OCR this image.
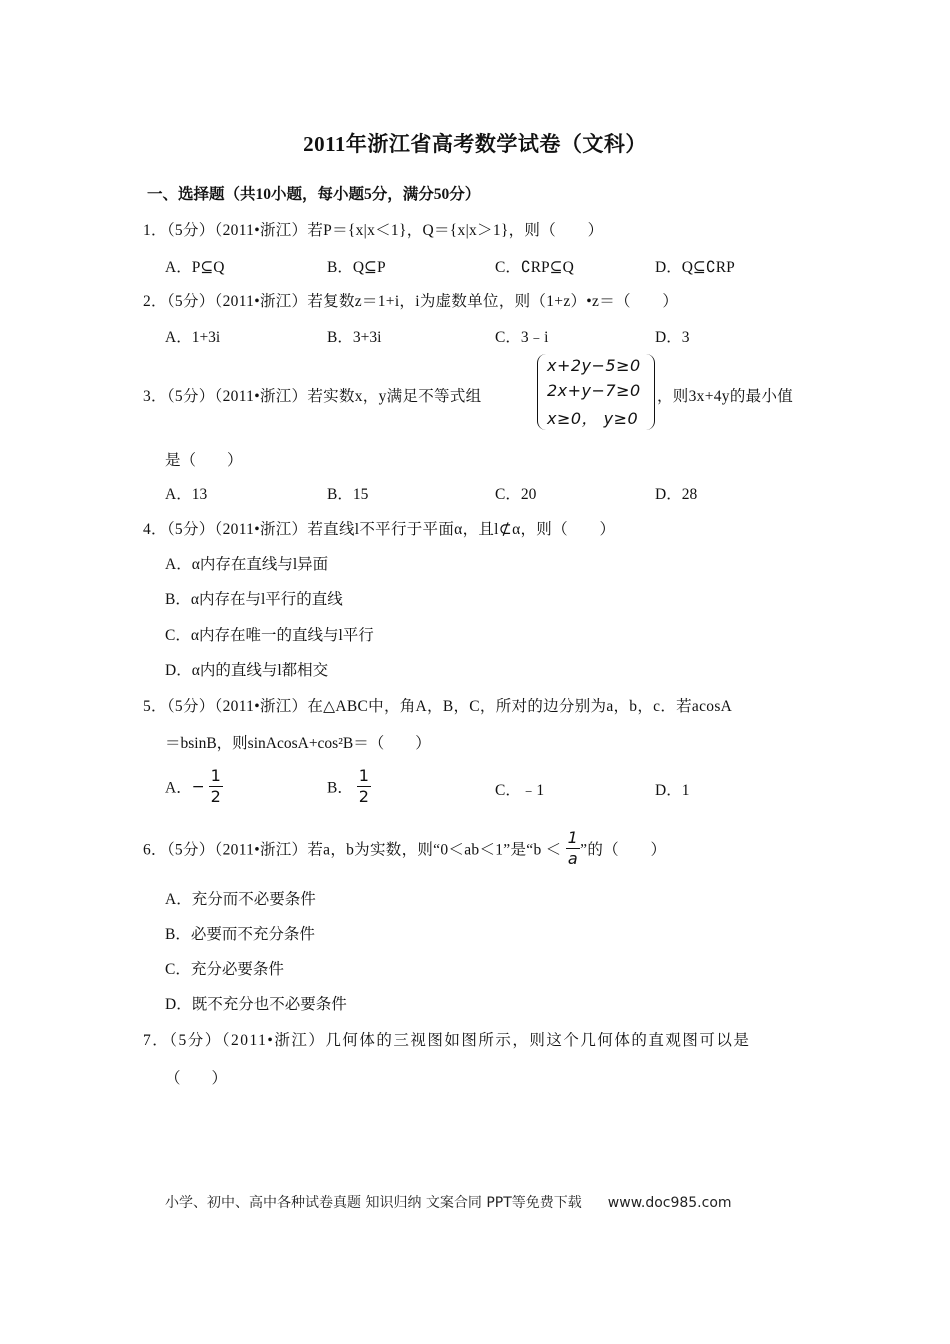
2011年浙江省高考数学试卷（文科）
一、选择题（共10小题，每小题5分，满分50分）
1．（5分）（2011•浙江）若P＝{x|x＜1}，Q＝{x|x＞1}，则（　　）
A．P⊆Q	B．Q⊆P	C．∁RP⊆Q	D．Q⊆∁RP
2．（5分）（2011•浙江）若复数z＝1+i，i为虚数单位，则（1+z）•z＝（　　）
A．1+3i	B．3+3i	C．3﹣i	D．3
3．（5分）（2011•浙江）若实数x，y满足不等式组
x+2y−5≥0
2x+y−7≥0
x≥0， y≥0
，则3x+4y的最小值
是（　　）
A．13	B．15	C．20	D．28
4．（5分）（2011•浙江）若直线l不平行于平面α，且l⊄α，则（　　）
A．α内存在直线与l异面
B．α内存在与l平行的直线
C．α内存在唯一的直线与l平行
D．α内的直线与l都相交
5．（5分）（2011•浙江）在△ABC中，角A，B，C，所对的边分别为a，b，c．若acosA
＝bsinB，则sinAcosA+cos²B＝（　　）
A．− $\frac{1}{2}$	B． $\frac{1}{2}$	C．﹣1	D．1
6．（5分）（2011•浙江）若a，b为实数，则“0＜ab＜1”是“$b < \frac{1}{a}$ ”的（　　）
A．充分而不必要条件
B．必要而不充分条件
C．充分必要条件
D．既不充分也不必要条件
7．（5分）（2011•浙江）几何体的三视图如图所示，则这个几何体的直观图可以是
（　　）
小学、初中、高中各种试卷真题 知识归纳 文案合同 PPT等免费下载 www.doc985.com
